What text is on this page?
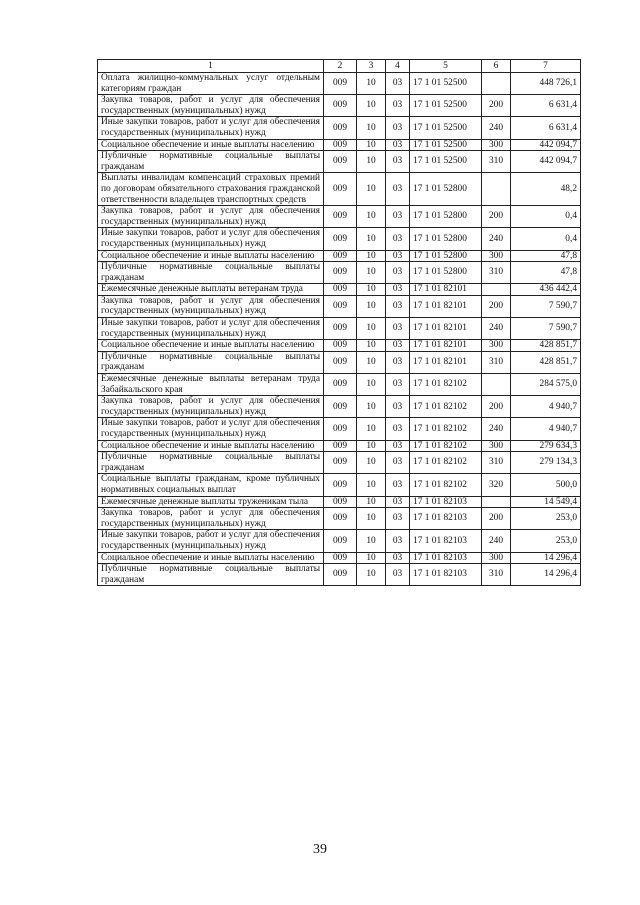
1	2	3	4	5	6	7
Оплата жилищно-коммунальных услуг отдельным категориям граждан	009	10	03	17 1 01 52500		448 726,1
Закупка товаров, работ и услуг для обеспечения государственных (муниципальных) нужд	009	10	03	17 1 01 52500	200	6 631,4
Иные закупки товаров, работ и услуг для обеспечения государственных (муниципальных) нужд	009	10	03	17 1 01 52500	240	6 631,4
Социальное обеспечение и иные выплаты населению	009	10	03	17 1 01 52500	300	442 094,7
Публичные нормативные социальные выплаты гражданам	009	10	03	17 1 01 52500	310	442 094,7
Выплаты инвалидам компенсаций страховых премий по договорам обязательного страхования гражданской ответственности владельцев транспортных средств	009	10	03	17 1 01 52800		48,2
Закупка товаров, работ и услуг для обеспечения государственных (муниципальных) нужд	009	10	03	17 1 01 52800	200	0,4
Иные закупки товаров, работ и услуг для обеспечения государственных (муниципальных) нужд	009	10	03	17 1 01 52800	240	0,4
Социальное обеспечение и иные выплаты населению	009	10	03	17 1 01 52800	300	47,8
Публичные нормативные социальные выплаты гражданам	009	10	03	17 1 01 52800	310	47,8
Ежемесячные денежные выплаты ветеранам труда	009	10	03	17 1 01 82101		436 442,4
Закупка товаров, работ и услуг для обеспечения государственных (муниципальных) нужд	009	10	03	17 1 01 82101	200	7 590,7
Иные закупки товаров, работ и услуг для обеспечения государственных (муниципальных) нужд	009	10	03	17 1 01 82101	240	7 590,7
Социальное обеспечение и иные выплаты населению	009	10	03	17 1 01 82101	300	428 851,7
Публичные нормативные социальные выплаты гражданам	009	10	03	17 1 01 82101	310	428 851,7
Ежемесячные денежные выплаты ветеранам труда Забайкальского края	009	10	03	17 1 01 82102		284 575,0
Закупка товаров, работ и услуг для обеспечения государственных (муниципальных) нужд	009	10	03	17 1 01 82102	200	4 940,7
Иные закупки товаров, работ и услуг для обеспечения государственных (муниципальных) нужд	009	10	03	17 1 01 82102	240	4 940,7
Социальное обеспечение и иные выплаты населению	009	10	03	17 1 01 82102	300	279 634,3
Публичные нормативные социальные выплаты гражданам	009	10	03	17 1 01 82102	310	279 134,3
Социальные выплаты гражданам, кроме публичных нормативных социальных выплат	009	10	03	17 1 01 82102	320	500,0
Ежемесячные денежные выплаты труженикам тыла	009	10	03	17 1 01 82103		14 549,4
Закупка товаров, работ и услуг для обеспечения государственных (муниципальных) нужд	009	10	03	17 1 01 82103	200	253,0
Иные закупки товаров, работ и услуг для обеспечения государственных (муниципальных) нужд	009	10	03	17 1 01 82103	240	253,0
Социальное обеспечение и иные выплаты населению	009	10	03	17 1 01 82103	300	14 296,4
Публичные нормативные социальные выплаты гражданам	009	10	03	17 1 01 82103	310	14 296,4
39
